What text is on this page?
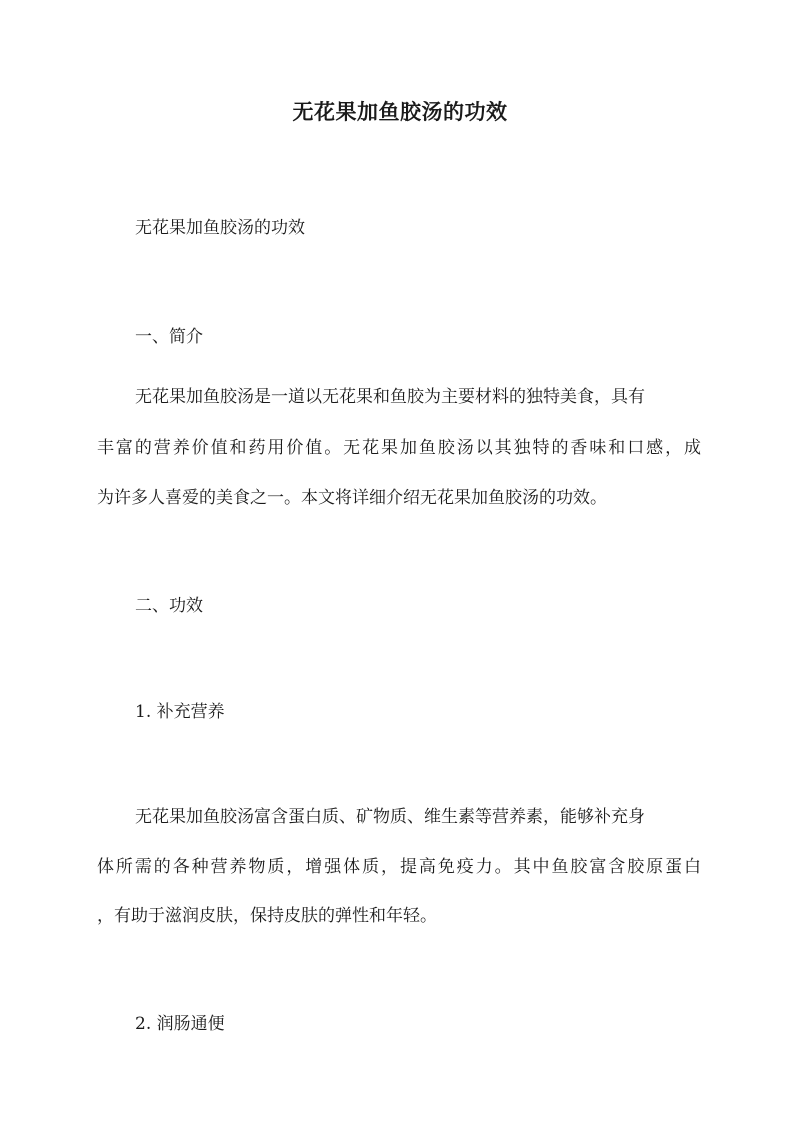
无花果加鱼胶汤的功效
无花果加鱼胶汤的功效
一、简介
无花果加鱼胶汤是一道以无花果和鱼胶为主要材料的独特美食，具有
丰富的营养价值和药用价值。无花果加鱼胶汤以其独特的香味和口感，成
为许多人喜爱的美食之一。本文将详细介绍无花果加鱼胶汤的功效。
二、功效
1. 补充营养
无花果加鱼胶汤富含蛋白质、矿物质、维生素等营养素，能够补充身
体所需的各种营养物质，增强体质，提高免疫力。其中鱼胶富含胶原蛋白
，有助于滋润皮肤，保持皮肤的弹性和年轻。
2. 润肠通便
